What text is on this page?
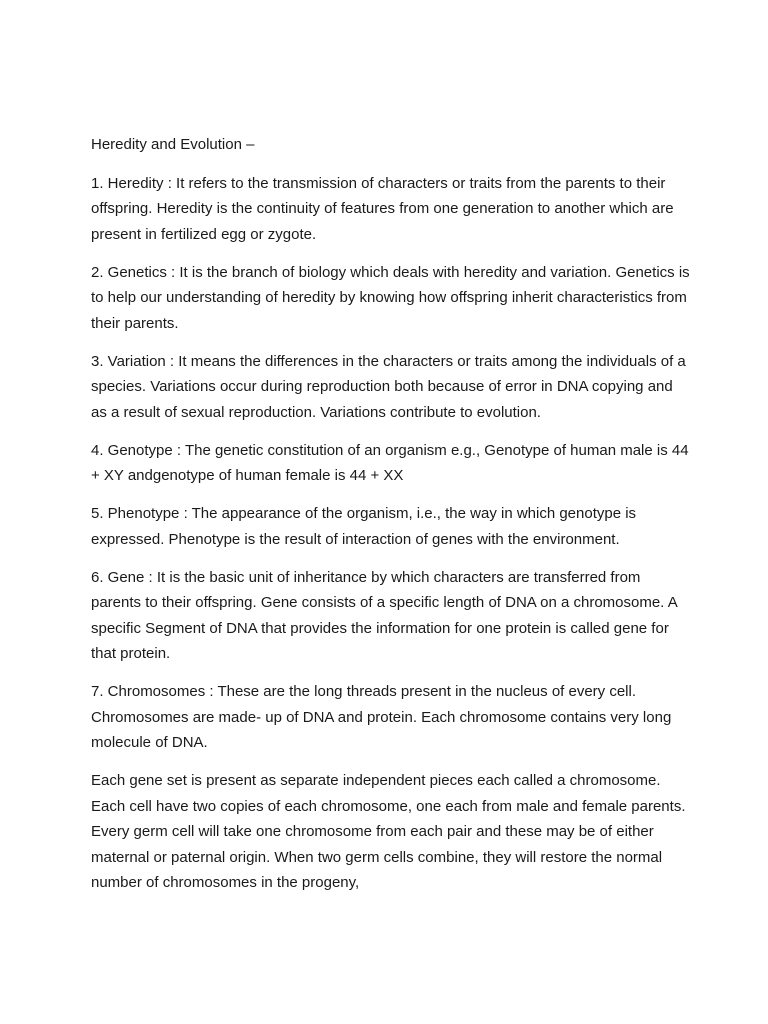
Heredity and Evolution –

1. Heredity : It refers to the transmission of characters or traits from the parents to their offspring. Heredity is the continuity of features from one generation to another which are present in fertilized egg or zygote.

2. Genetics : It is the branch of biology which deals with heredity and variation. Genetics is to help our understanding of heredity by knowing how offspring inherit characteristics from their parents.

3. Variation : It means the differences in the characters or traits among the individuals of a species. Variations occur during reproduction both because of error in DNA copying and as a result of sexual reproduction. Variations contribute to evolution.

4. Genotype : The genetic constitution of an organism e.g., Genotype of human male is 44 + XY andgenotype of human female is 44 + XX

5. Phenotype : The appearance of the organism, i.e., the way in which genotype is expressed. Phenotype is the result of interaction of genes with the environment.

6. Gene : It is the basic unit of inheritance by which characters are transferred from parents to their offspring. Gene consists of a specific length of DNA on a chromosome. A specific Segment of DNA that provides the information for one protein is called gene for that protein.

7. Chromosomes : These are the long threads present in the nucleus of every cell. Chromosomes are made- up of DNA and protein. Each chromosome contains very long molecule of DNA.

Each gene set is present as separate independent pieces each called a chromosome. Each cell have two copies of each chromosome, one each from male and female parents. Every germ cell will take one chromosome from each pair and these may be of either maternal or paternal origin. When two germ cells combine, they will restore the normal number of chromosomes in the progeny,
